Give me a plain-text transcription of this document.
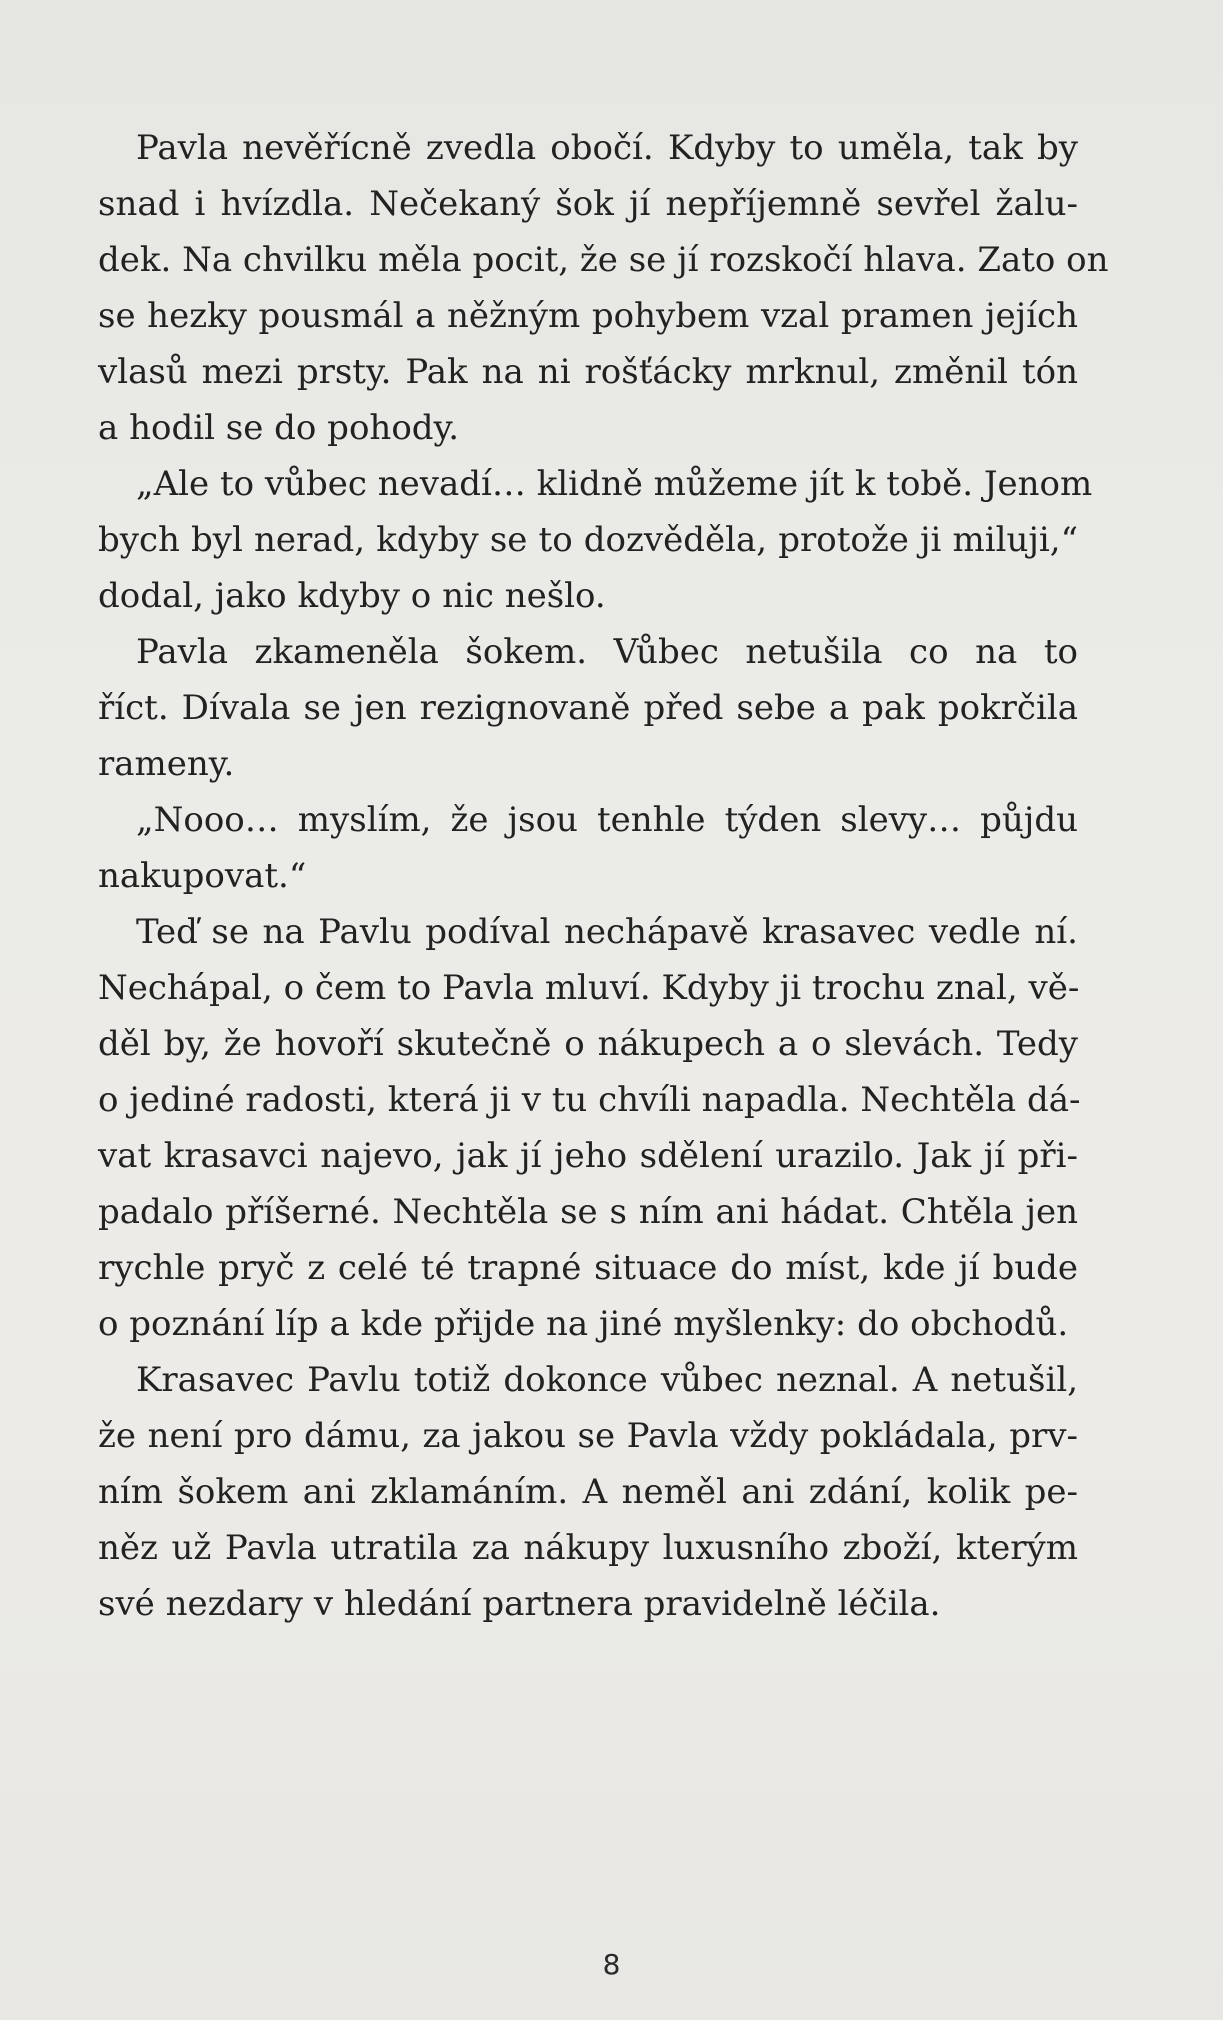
Pavla nevěřícně zvedla obočí. Kdyby to uměla, tak by
snad i hvízdla. Nečekaný šok jí nepříjemně sevřel žalu-
dek. Na chvilku měla pocit, že se jí rozskočí hlava. Zato on
se hezky pousmál a něžným pohybem vzal pramen jejích
vlasů mezi prsty. Pak na ni rošťácky mrknul, změnil tón
a hodil se do pohody.
„Ale to vůbec nevadí… klidně můžeme jít k tobě. Jenom
bych byl nerad, kdyby se to dozvěděla, protože ji miluji,“
dodal, jako kdyby o nic nešlo.
Pavla zkameněla šokem. Vůbec netušila co na to
říct. Dívala se jen rezignovaně před sebe a pak pokrčila
rameny.
„Nooo… myslím, že jsou tenhle týden slevy… půjdu
nakupovat.“
Teď se na Pavlu podíval nechápavě krasavec vedle ní.
Nechápal, o čem to Pavla mluví. Kdyby ji trochu znal, vě-
děl by, že hovoří skutečně o nákupech a o slevách. Tedy
o jediné radosti, která ji v tu chvíli napadla. Nechtěla dá-
vat krasavci najevo, jak jí jeho sdělení urazilo. Jak jí při-
padalo příšerné. Nechtěla se s ním ani hádat. Chtěla jen
rychle pryč z celé té trapné situace do míst, kde jí bude
o poznání líp a kde přijde na jiné myšlenky: do obchodů.
Krasavec Pavlu totiž dokonce vůbec neznal. A netušil,
že není pro dámu, za jakou se Pavla vždy pokládala, prv-
ním šokem ani zklamáním. A neměl ani zdání, kolik pe-
něz už Pavla utratila za nákupy luxusního zboží, kterým
své nezdary v hledání partnera pravidelně léčila.
8
